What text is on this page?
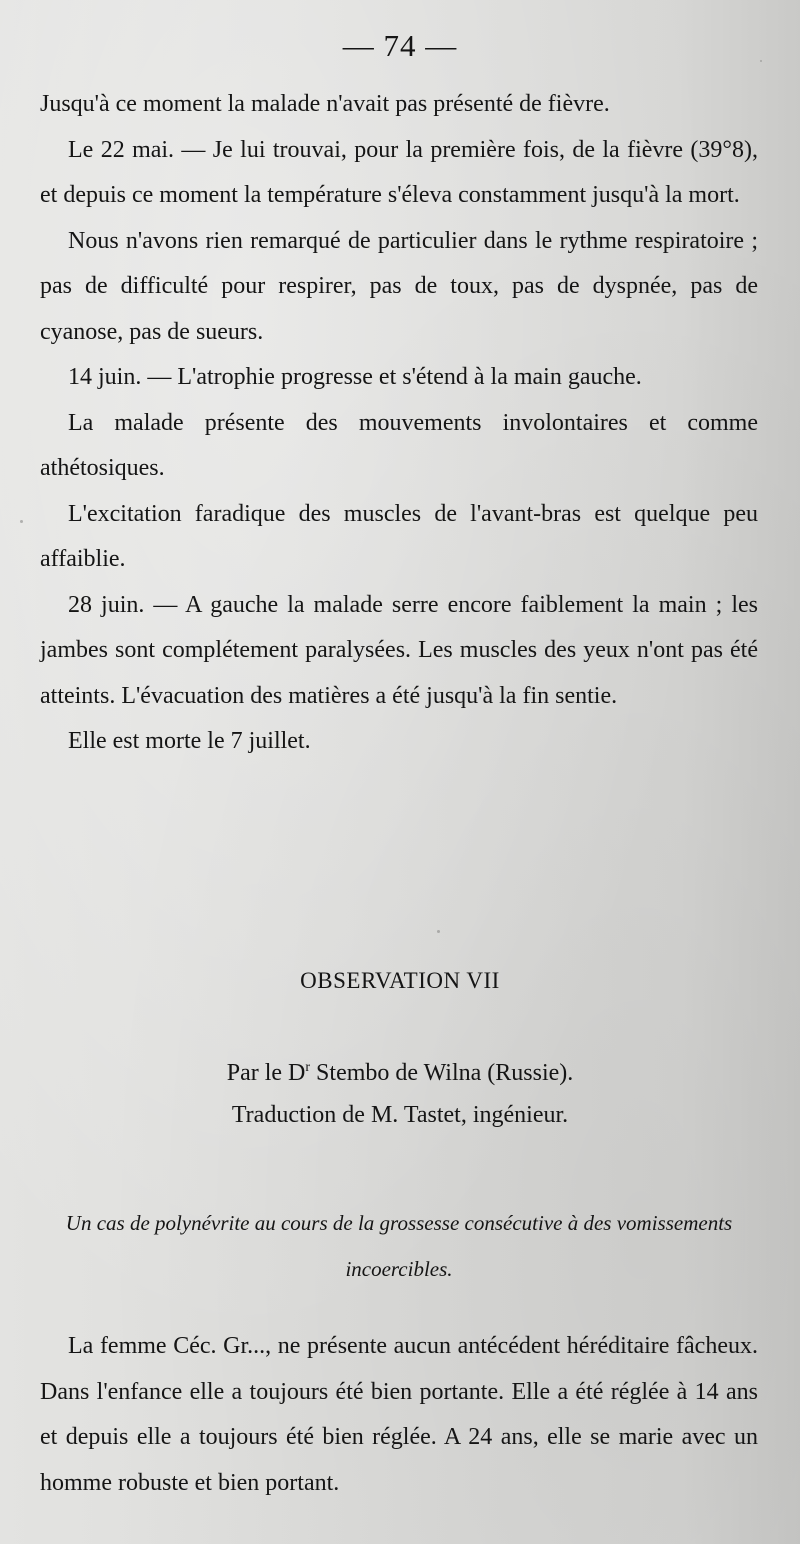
— 74 —

Jusqu'à ce moment la malade n'avait pas présenté de fièvre.

Le 22 mai. — Je lui trouvai, pour la première fois, de la fièvre (39°8), et depuis ce moment la température s'éleva constamment jusqu'à la mort.

Nous n'avons rien remarqué de particulier dans le rythme respiratoire ; pas de difficulté pour respirer, pas de toux, pas de dyspnée, pas de cyanose, pas de sueurs.

14 juin. — L'atrophie progresse et s'étend à la main gauche.

La malade présente des mouvements involontaires et comme athétosiques.

L'excitation faradique des muscles de l'avant-bras est quelque peu affaiblie.

28 juin. — A gauche la malade serre encore faiblement la main ; les jambes sont complétement paralysées. Les muscles des yeux n'ont pas été atteints. L'évacuation des matières a été jusqu'à la fin sentie.

Elle est morte le 7 juillet.

OBSERVATION VII
Par le $D^r$ Stembo de Wilna (Russie).
Traduction de M. Tastet, ingénieur.
Un cas de polynévrite au cours de la grossesse consécutive à des vomissements incoercibles.

La femme Céc. Gr..., ne présente aucun antécédent héréditaire fâcheux. Dans l'enfance elle a toujours été bien portante. Elle a été réglée à 14 ans et depuis elle a toujours été bien réglée. A 24 ans, elle se marie avec un homme robuste et bien portant.
